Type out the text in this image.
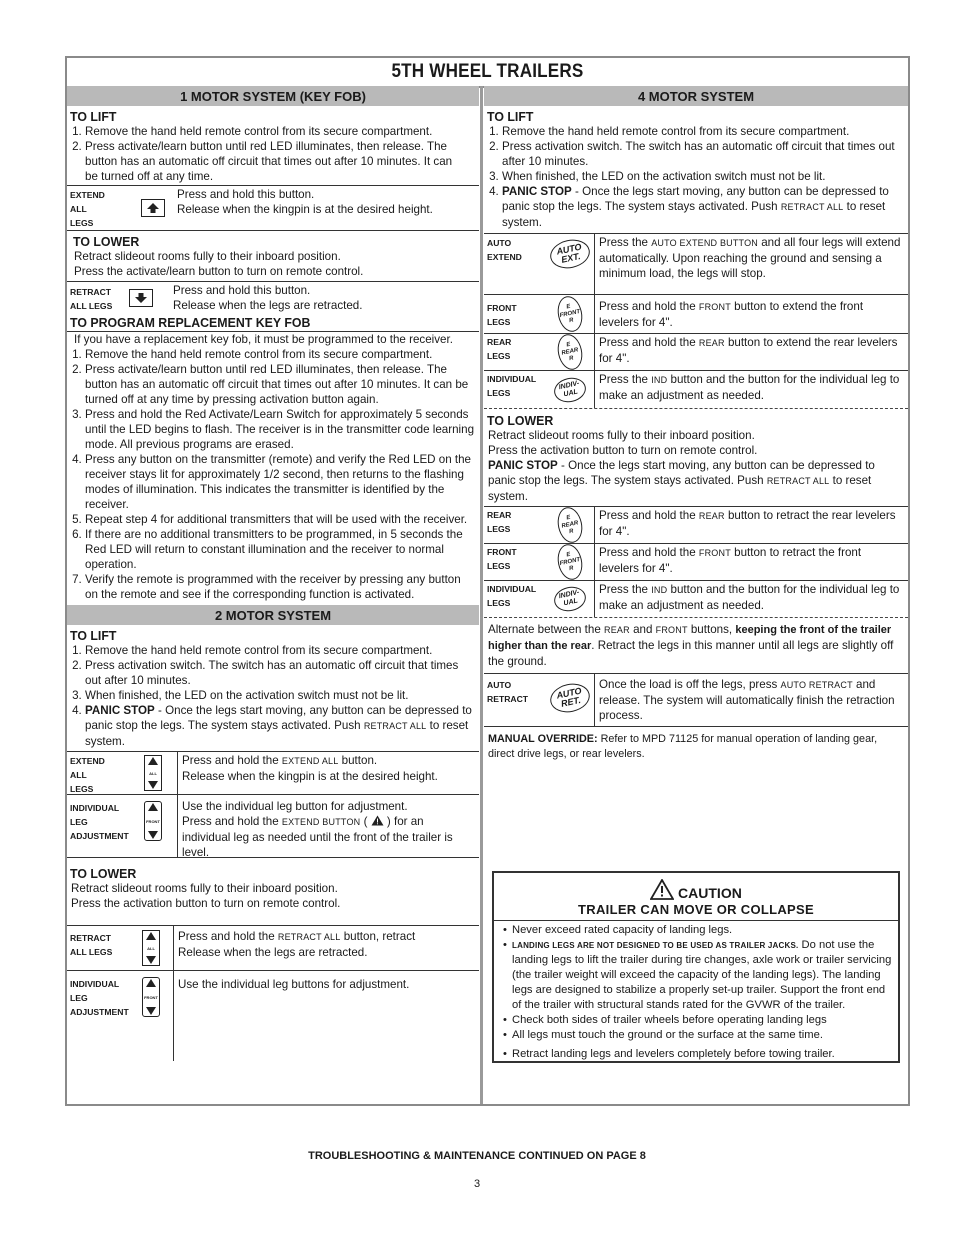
5TH WHEEL TRAILERS
1 MOTOR SYSTEM (KEY FOB)
TO LIFT
1. Remove the hand held remote control from its secure compartment.
2. Press activate/learn button until red LED illuminates, then release. The button has an automatic off circuit that times out after 10 minutes. It can be turned off at any time.
EXTEND
ALL
LEGS
Press and hold this button.
Release when the kingpin is at the desired height.
TO LOWER
Retract slideout rooms fully to their inboard position.
Press the activate/learn button to turn on remote control.
RETRACT
ALL LEGS
Press and hold this button.
Release when the legs are retracted.
TO PROGRAM REPLACEMENT KEY FOB
If you have a replacement key fob, it must be programmed to the receiver.
1. Remove the hand held remote control from its secure compartment.
2. Press activate/learn button until red LED illuminates, then release. The button has an automatic off circuit that times out after 10 minutes. It can be turned off at any time by pressing activation button again.
3. Press and hold the Red Activate/Learn Switch for approximately 5 seconds until the LED begins to flash. The receiver is in the transmitter code learning mode. All previous programs are erased.
4. Press any button on the transmitter (remote) and verify the Red LED on the receiver stays lit for approximately 1/2 second, then returns to the flashing modes of illumination. This indicates the transmitter is identified by the receiver.
5. Repeat step 4 for additional transmitters that will be used with the receiver.
6. If there are no additional transmitters to be programmed, in 5 seconds the Red LED will return to constant illumination and the receiver to normal operation.
7. Verify the remote is programmed with the receiver by pressing any button on the remote and see if the corresponding function is activated.
2 MOTOR SYSTEM
TO LIFT
1. Remove the hand held remote control from its secure compartment.
2. Press activation switch. The switch has an automatic off circuit that times out after 10 minutes.
3. When finished, the LED on the activation switch must not be lit.
4. PANIC STOP - Once the legs start moving, any button can be depressed to panic stop the legs. The system stays activated. Push RETRACT ALL to reset system.
EXTEND
ALL
LEGS
ALL
Press and hold the EXTEND ALL button.
Release when the kingpin is at the desired height.
INDIVIDUAL
LEG
ADJUSTMENT
FRONT
Use the individual leg button for adjustment.
Press and hold the EXTEND BUTTON (  ) for an individual leg as needed until the front of the trailer is level.
TO LOWER
Retract slideout rooms fully to their inboard position.
Press the activation button to turn on remote control.
RETRACT
ALL LEGS	ALL
Press and hold the RETRACT ALL button, retract
Release when the legs are retracted.
INDIVIDUAL
LEG
ADJUSTMENT
FRONT
Use the individual leg buttons for adjustment.
4 MOTOR SYSTEM
TO LIFT
1. Remove the hand held remote control from its secure compartment.
2. Press activation switch. The switch has an automatic off circuit that times out after 10 minutes.
3. When finished, the LED on the activation switch must not be lit.
4. PANIC STOP - Once the legs start moving, any button can be depressed to panic stop the legs. The system stays activated. Push RETRACT ALL to reset system.
AUTO
EXTEND
AUTO EXT.
Press the AUTO EXTEND BUTTON and all four legs will extend automatically. Upon reaching the ground and sensing a minimum load, the legs will stop.
FRONT
LEGS
E
FRONT
R
Press and hold the FRONT button to extend the front levelers for 4".
REAR
LEGS
E
REAR
R
Press and hold the REAR button to extend the rear levelers for 4".
INDIVIDUAL
LEGS
INDIV-UAL
Press the IND button and the button for the individual leg to make an adjustment as needed.
TO LOWER
Retract slideout rooms fully to their inboard position.
Press the activation button to turn on remote control.
PANIC STOP - Once the legs start moving, any button can be depressed to panic stop the legs. The system stays activated. Push RETRACT ALL to reset system.
REAR
LEGS
E
REAR
R
Press and hold the REAR button to retract the rear levelers for 4".
FRONT
LEGS
E
FRONT
R
Press and hold the FRONT button to retract the front levelers for 4".
INDIVIDUAL
LEGS
INDIV-UAL
Press the IND button and the button for the individual leg to make an adjustment as needed.
Alternate between the REAR and FRONT buttons, keeping the front of the trailer higher than the rear. Retract the legs in this manner until all legs are slightly off the ground.
AUTO
RETRACT	AUTO RET.
Once the load is off the legs, press AUTO RETRACT and release. The system will automatically finish the retraction process.
MANUAL OVERRIDE: Refer to MPD 71125 for manual operation of landing gear, direct drive legs, or rear levelers.
CAUTION
TRAILER CAN MOVE OR COLLAPSE
• Never exceed rated capacity of landing legs.
• LANDING LEGS ARE NOT DESIGNED TO BE USED AS TRAILER JACKS. Do not use the landing legs to lift the trailer during tire changes, axle work or trailer servicing (the trailer weight will exceed the capacity of the landing legs). The landing legs are designed to stabilize a properly set-up trailer. Support the front end of the trailer with structural stands rated for the GVWR of the trailer.
• Check both sides of trailer wheels before operating landing legs
• All legs must touch the ground or the surface at the same time.
• Retract landing legs and levelers completely before towing trailer.
TROUBLESHOOTING & MAINTENANCE CONTINUED ON PAGE 8
3
